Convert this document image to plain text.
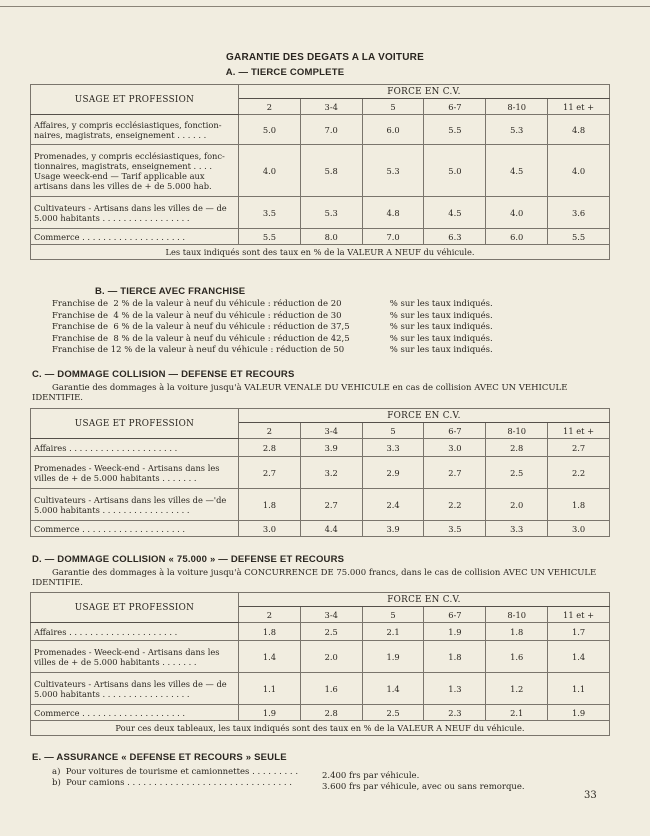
GARANTIE DES DEGATS A LA VOITURE
A. — TIERCE COMPLETE
USAGE ET PROFESSION	FORCE EN C.V.					
	2	3-4	5	6-7	8-10	11 et +
Affaires, y compris ecclésiastiques, fonction-
naires, magistrats, enseignement . . . . . .	5.0	7.0	6.0	5.5	5.3	4.8
Promenades, y compris ecclésiastiques, fonc-
tionnaires, magistrats, enseignement . . . .
Usage weeck-end — Tarif applicable aux
artisans dans les villes de + de 5.000 hab.	4.0	5.8	5.3	5.0	4.5	4.0
Cultivateurs - Artisans dans les villes de — de
5.000 habitants . . . . . . . . . . . . . . . . .	3.5	5.3	4.8	4.5	4.0	3.6
Commerce . . . . . . . . . . . . . . . . . . . .	5.5	8.0	7.0	6.3	6.0	5.5
Les taux indiqués sont des taux en % de la VALEUR A NEUF du véhicule.						
B. — TIERCE AVEC FRANCHISE
Franchise de  2 % de la valeur à neuf du véhicule : réduction de 20	% sur les taux indiqués.
Franchise de  4 % de la valeur à neuf du véhicule : réduction de 30	% sur les taux indiqués.
Franchise de  6 % de la valeur à neuf du véhicule : réduction de 37,5	% sur les taux indiqués.
Franchise de  8 % de la valeur à neuf du véhicule : réduction de 42,5	% sur les taux indiqués.
Franchise de 12 % de la valeur à neuf du véhicule : réduction de 50	% sur les taux indiqués.
C. — DOMMAGE COLLISION — DEFENSE ET RECOURS
Garantie des dommages à la voiture jusqu'à VALEUR VENALE DU VEHICULE en cas de collision AVEC UN VEHICULE IDENTIFIE.
USAGE ET PROFESSION	FORCE EN C.V.					
	2	3-4	5	6-7	8-10	11 et +
Affaires . . . . . . . . . . . . . . . . . . . . .	2.8	3.9	3.3	3.0	2.8	2.7
Promenades - Weeck-end - Artisans dans les
villes de + de 5.000 habitants . . . . . . .	2.7	3.2	2.9	2.7	2.5	2.2
Cultivateurs - Artisans dans les villes de —'de
5.000 habitants . . . . . . . . . . . . . . . . .	1.8	2.7	2.4	2.2	2.0	1.8
Commerce . . . . . . . . . . . . . . . . . . . .	3.0	4.4	3.9	3.5	3.3	3.0
D. — DOMMAGE COLLISION « 75.000 » — DEFENSE ET RECOURS
Garantie des dommages à la voiture jusqu'à CONCURRENCE DE 75.000 francs, dans le cas de collision AVEC UN VEHICULE IDENTIFIE.
USAGE ET PROFESSION	FORCE EN C.V.					
	2	3-4	5	6-7	8-10	11 et +
Affaires . . . . . . . . . . . . . . . . . . . . .	1.8	2.5	2.1	1.9	1.8	1.7
Promenades - Weeck-end - Artisans dans les
villes de + de 5.000 habitants . . . . . . .	1.4	2.0	1.9	1.8	1.6	1.4
Cultivateurs - Artisans dans les villes de — de
5.000 habitants . . . . . . . . . . . . . . . . .	1.1	1.6	1.4	1.3	1.2	1.1
Commerce . . . . . . . . . . . . . . . . . . . .	1.9	2.8	2.5	2.3	2.1	1.9
Pour ces deux tableaux, les taux indiqués sont des taux en % de la VALEUR A NEUF du véhicule.						
E. — ASSURANCE « DEFENSE ET RECOURS » SEULE
a)  Pour voitures de tourisme et camionnettes . . . . . . . . .	2.400 frs par véhicule.
b)  Pour camions . . . . . . . . . . . . . . . . . . . . . . . . . . . . . . .	3.600 frs par véhicule, avec ou sans remorque.
33
